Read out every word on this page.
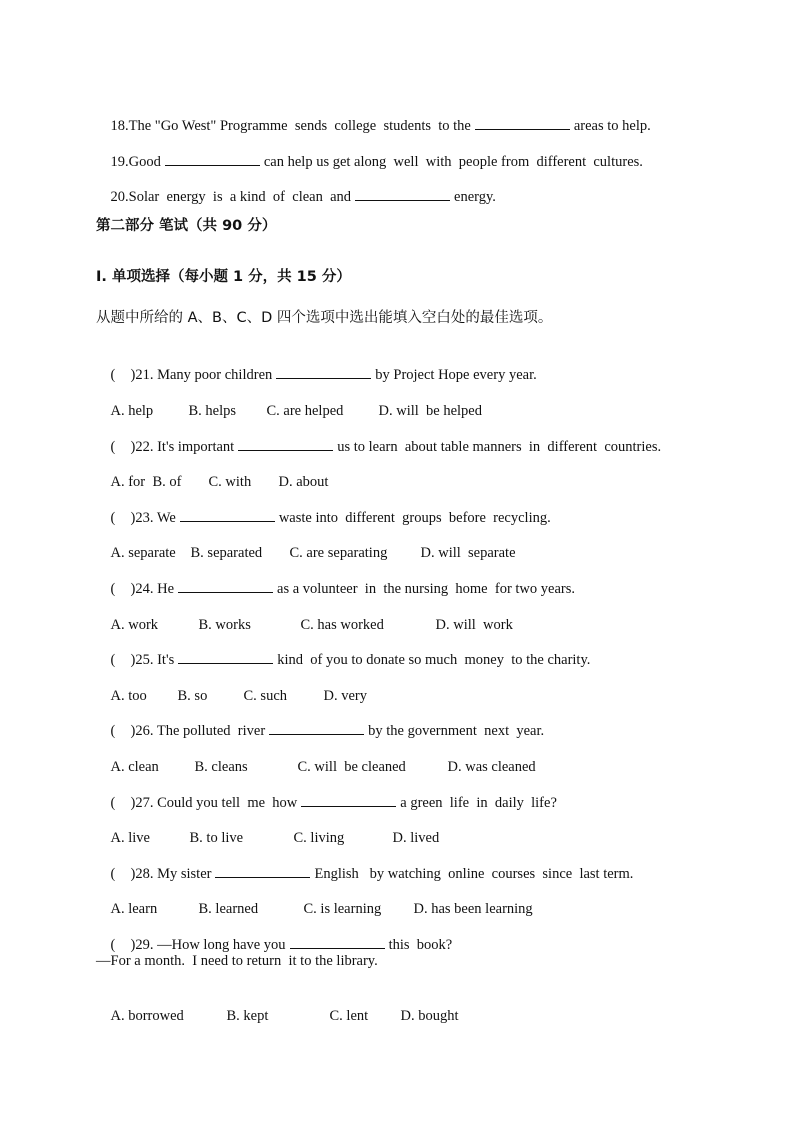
18.The "Go West" Programme  sends  college  students  to the	areas to help.

19.Good	can help us get along  well  with  people from  different  cultures.

20.Solar  energy  is  a kind  of  clean  and	energy.

第二部分 笔试（共 90 分）
I. 单项选择（每小题 1 分，共 15 分）
从题中所给的 A、B、C、D 四个选项中选出能填入空白处的最佳选项。

( )21. Many poor children	by Project Hope every year.

A. help B. helps C. are helped D. will  be helped

( )22. It's important	us to learn  about table manners  in  different  countries.

A. for B. of C. with D. about

( )23. We	waste into  different  groups  before  recycling.

A. separate B. separated C. are separating D. will  separate

( )24. He	as a volunteer  in  the nursing  home  for two years.

A. work	B. works	C. has worked	D. will  work

( )25. It's	kind  of you to donate so much  money  to the charity.

A. too B. so C. such	D. very

( )26. The polluted  river	by the government  next  year.

A. clean B. cleans	C. will  be cleaned	D. was cleaned

( )27. Could you tell  me  how	a green  life  in  daily  life?

A. live	B. to live	C. living	D. lived

( )28. My sister	English   by watching  online  courses  since  last term.

A. learn	B. learned	C. is learning D. has been learning

( )29. —How long have you	this  book?

—For a month.  I need to return  it to the library.

A. borrowed	B. kept	C. lent D. bought
